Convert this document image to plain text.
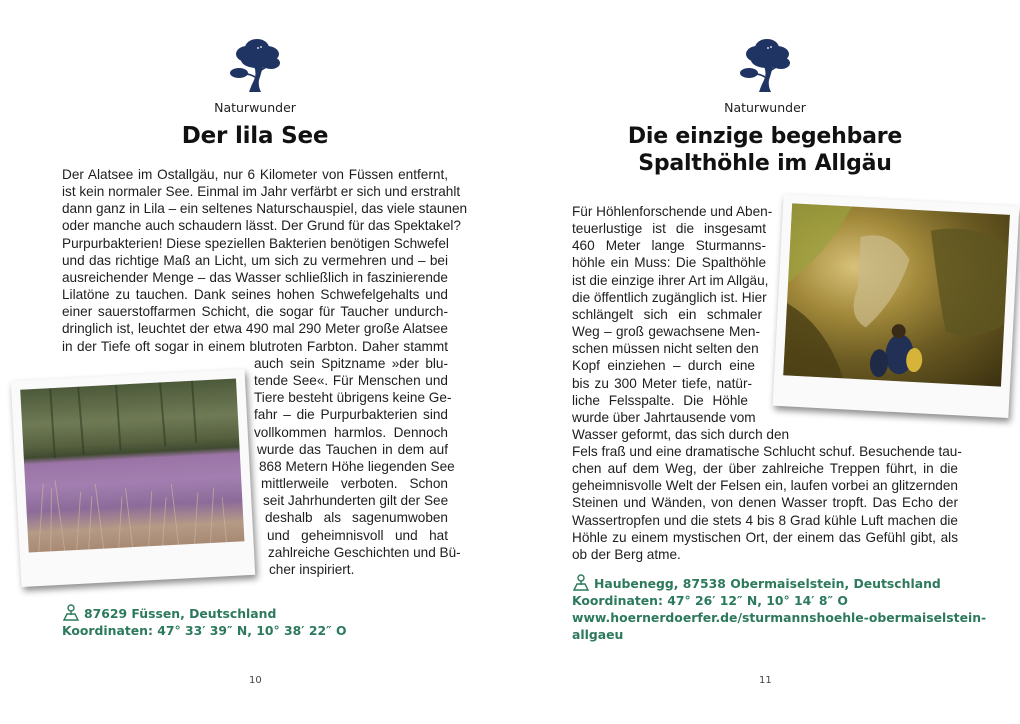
Naturwunder
Der lila See
Der Alatsee im Ostallgäu, nur 6 Kilometer von Füssen entfernt,
ist kein normaler See. Einmal im Jahr verfärbt er sich und erstrahlt
dann ganz in Lila – ein seltenes Naturschauspiel, das viele staunen
oder manche auch schaudern lässt. Der Grund für das Spektakel?
Purpurbakterien! Diese speziellen Bakterien benötigen Schwefel
und das richtige Maß an Licht, um sich zu vermehren und – bei
ausreichender Menge – das Wasser schließlich in faszinierende
Lilatöne zu tauchen. Dank seines hohen Schwefelgehalts und
einer sauerstoffarmen Schicht, die sogar für Taucher undurch-
dringlich ist, leuchtet der etwa 490 mal 290 Meter große Alatsee
in der Tiefe oft sogar in einem blutroten Farbton. Daher stammt
auch sein Spitzname »der blu-
tende See«. Für Menschen und
Tiere besteht übrigens keine Ge-
fahr – die Purpurbakterien sind
vollkommen harmlos. Dennoch
wurde das Tauchen in dem auf
868 Metern Höhe liegenden See
mittlerweile verboten. Schon
seit Jahrhunderten gilt der See
deshalb als sagenumwoben
und geheimnisvoll und hat
zahlreiche Geschichten und Bü-
cher inspiriert.
87629 Füssen, Deutschland
Koordinaten: 47° 33′ 39″ N, 10° 38′ 22″ O
10
Naturwunder
Die einzige begehbare
Spalthöhle im Allgäu
Für Höhlenforschende und Aben-
teuerlustige ist die insgesamt
460 Meter lange Sturmanns-
höhle ein Muss: Die Spalthöhle
ist die einzige ihrer Art im Allgäu,
die öffentlich zugänglich ist. Hier
schlängelt sich ein schmaler
Weg – groß gewachsene Men-
schen müssen nicht selten den
Kopf einziehen – durch eine
bis zu 300 Meter tiefe, natür-
liche Felsspalte. Die Höhle
wurde über Jahrtausende vom
Wasser geformt, das sich durch den
Fels fraß und eine dramatische Schlucht schuf. Besuchende tau-
chen auf dem Weg, der über zahlreiche Treppen führt, in die
geheimnisvolle Welt der Felsen ein, laufen vorbei an glitzernden
Steinen und Wänden, von denen Wasser tropft. Das Echo der
Wassertropfen und die stets 4 bis 8 Grad kühle Luft machen die
Höhle zu einem mystischen Ort, der einem das Gefühl gibt, als
ob der Berg atme.
Haubenegg, 87538 Obermaiselstein, Deutschland
Koordinaten: 47° 26′ 12″ N, 10° 14′ 8″ O
www.hoernerdoerfer.de/sturmannshoehle-obermaiselstein-
allgaeu
11
